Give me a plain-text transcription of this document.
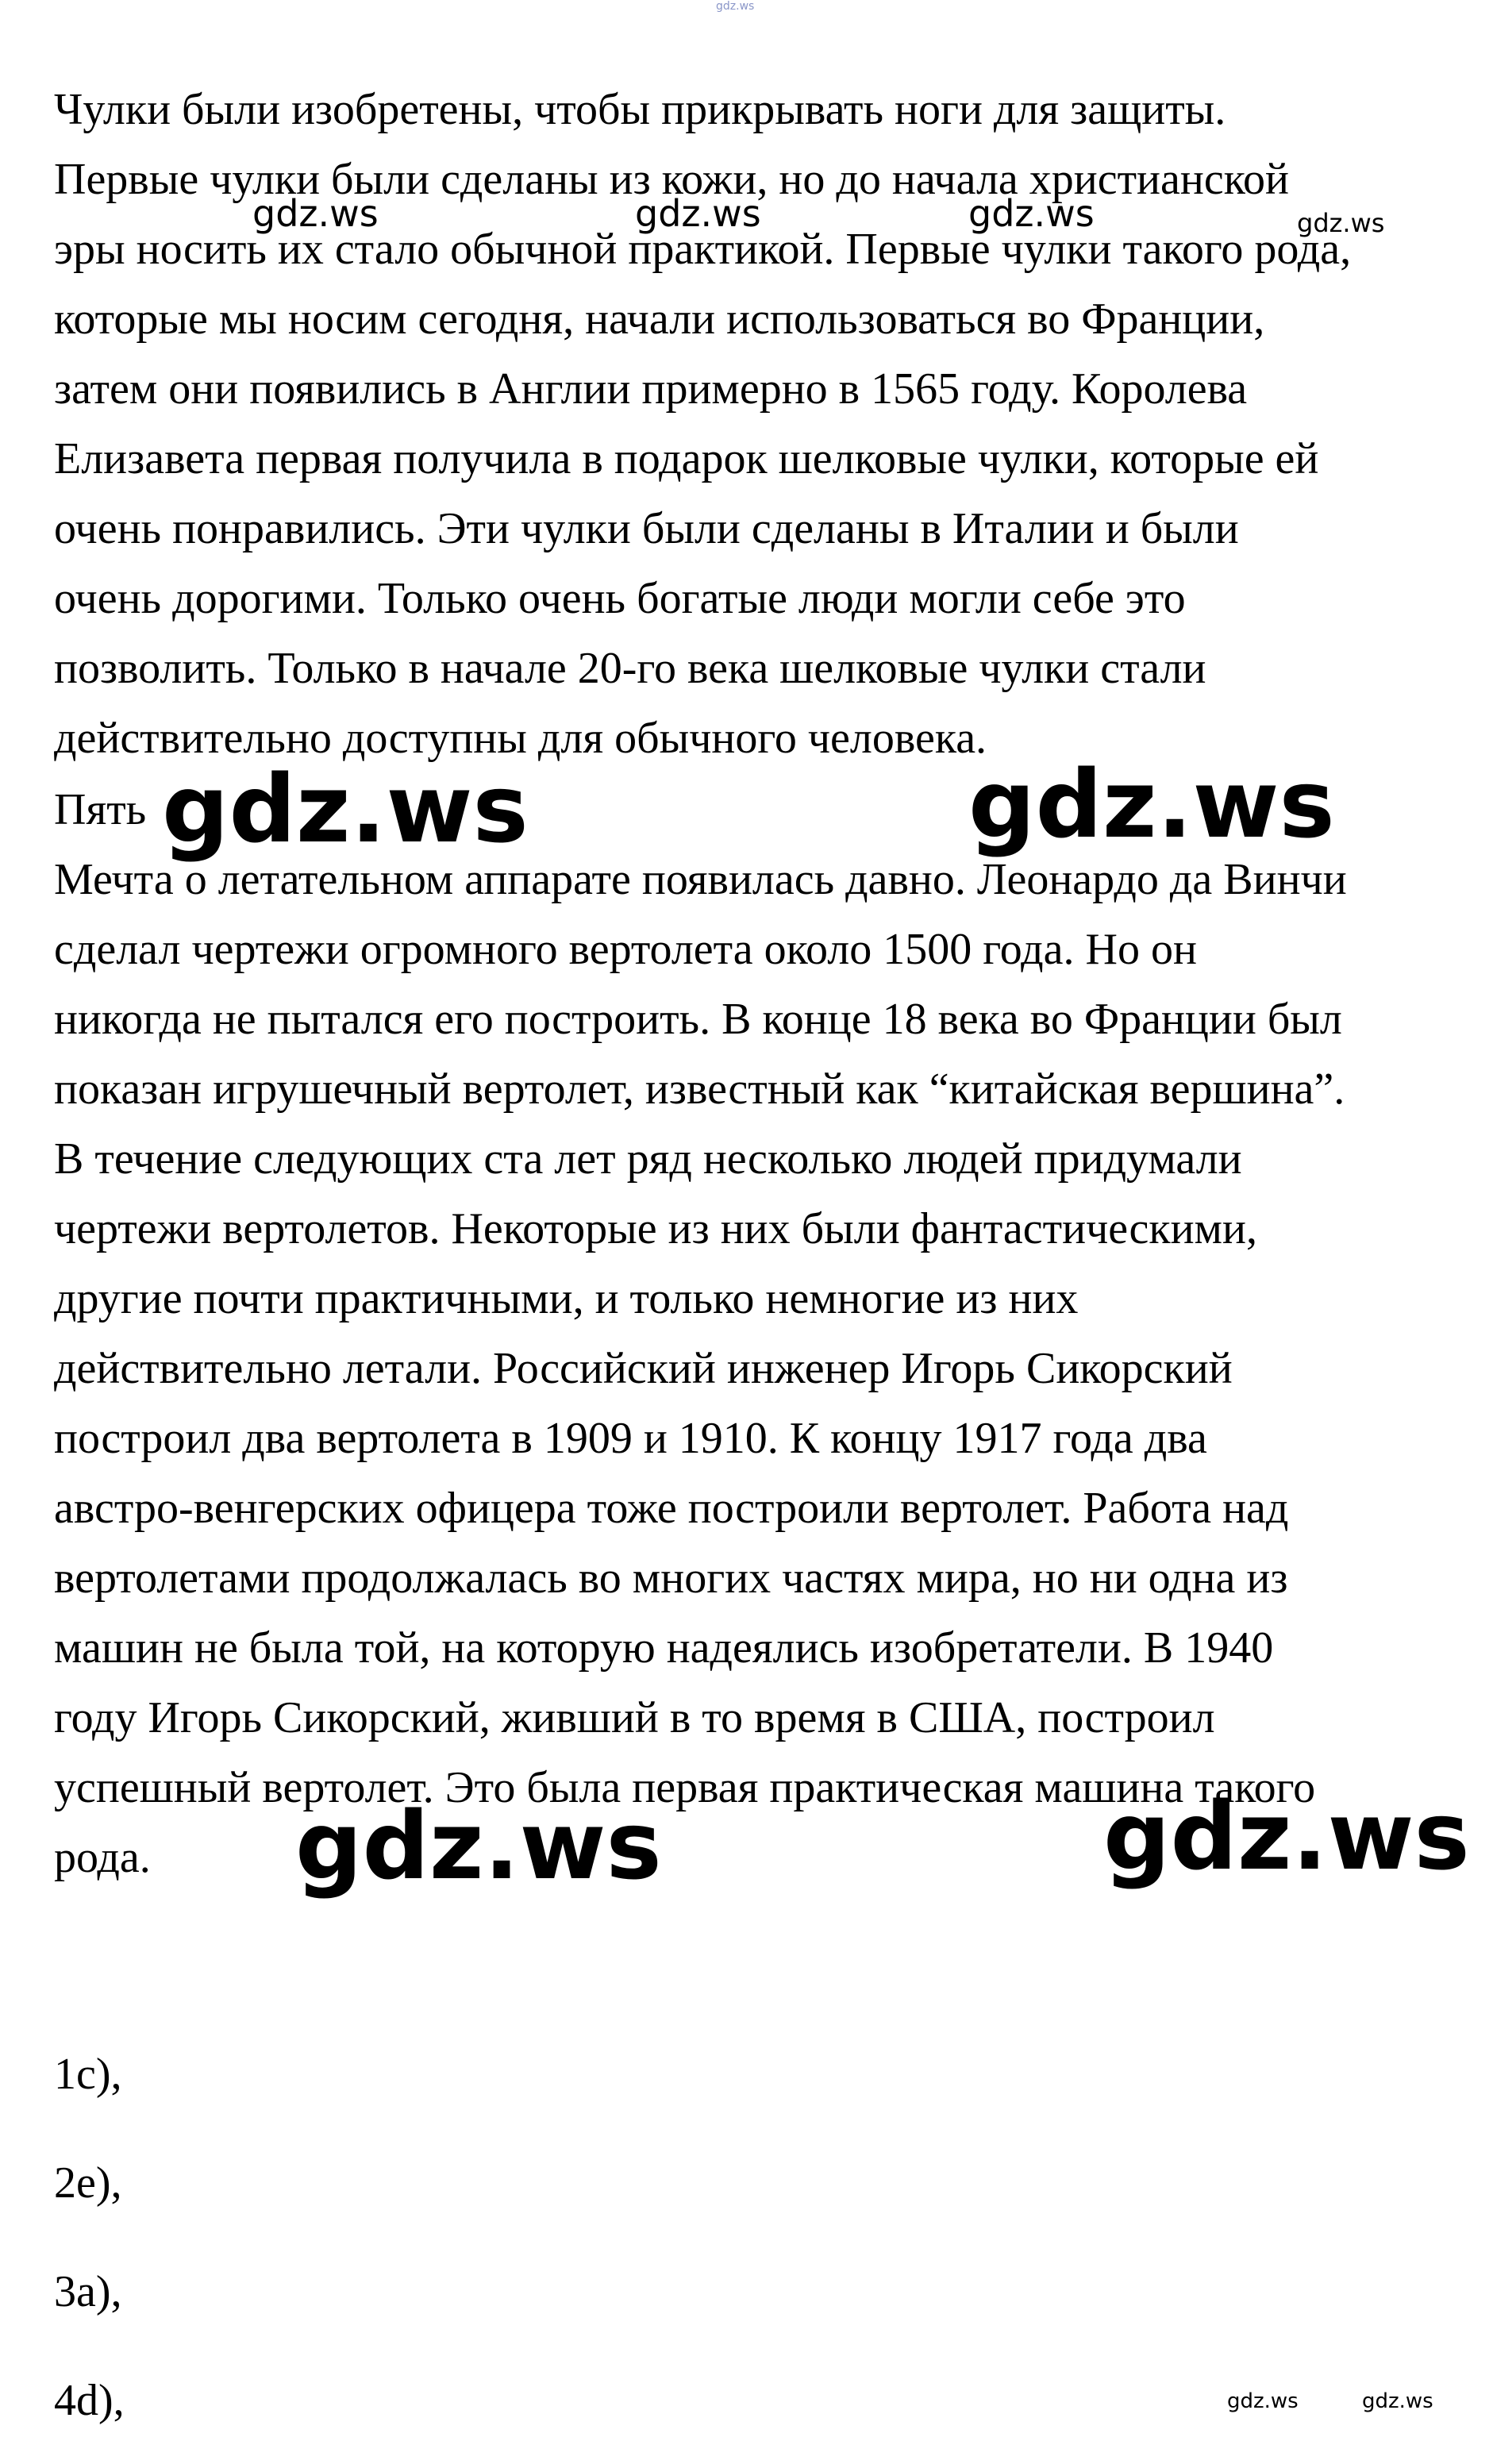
gdz.ws
Чулки были изобретены, чтобы прикрывать ноги для защиты.
Первые чулки были сделаны из кожи, но до начала христианской
эры носить их стало обычной практикой. Первые чулки такого рода,
которые мы носим сегодня, начали использоваться во Франции,
затем они появились в Англии примерно в 1565 году. Королева
Елизавета первая получила в подарок шелковые чулки, которые ей
очень понравились. Эти чулки были сделаны в Италии и были
очень дорогими. Только очень богатые люди могли себе это
позволить. Только в начале 20-го века шелковые чулки стали
действительно доступны для обычного человека.
Пять
Мечта о летательном аппарате появилась давно. Леонардо да Винчи
сделал чертежи огромного вертолета около 1500 года. Но он
никогда не пытался его построить. В конце 18 века во Франции был
показан игрушечный вертолет, известный как “китайская вершина”.
В течение следующих ста лет ряд несколько людей придумали
чертежи вертолетов. Некоторые из них были фантастическими,
другие почти практичными, и только немногие из них
действительно летали. Российский инженер Игорь Сикорский
построил два вертолета в 1909 и 1910. К концу 1917 года два
австро-венгерских офицера тоже построили вертолет. Работа над
вертолетами продолжалась во многих частях мира, но ни одна из
машин не была той, на которую надеялись изобретатели. В 1940
году Игорь Сикорский, живший в то время в США, построил
успешный вертолет. Это была первая практическая машина такого
рода.
1c),
2e),
3a),
4d),
gdz.ws	gdz.ws	gdz.ws	gdz.ws
gdz.ws	gdz.ws
gdz.ws	gdz.ws
gdz.ws	gdz.ws
